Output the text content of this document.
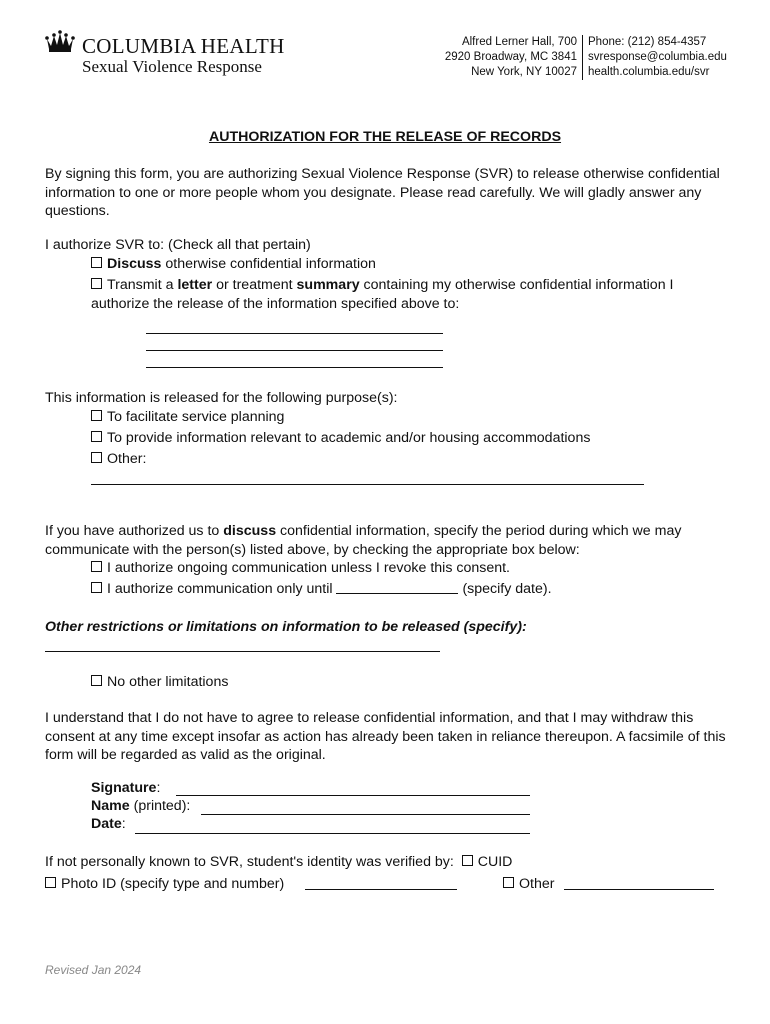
COLUMBIA HEALTH
Sexual Violence Response
Alfred Lerner Hall, 700
2920 Broadway, MC 3841
New York, NY 10027
Phone: (212) 854-4357
svresponse@columbia.edu
health.columbia.edu/svr
AUTHORIZATION FOR THE RELEASE OF RECORDS
By signing this form, you are authorizing Sexual Violence Response (SVR) to release otherwise confidential information to one or more people whom you designate. Please read carefully. We will gladly answer any questions.
I authorize SVR to: (Check all that pertain)
Discuss otherwise confidential information
Transmit a letter or treatment summary containing my otherwise confidential information I
authorize the release of the information specified above to:
This information is released for the following purpose(s):
To facilitate service planning
To provide information relevant to academic and/or housing accommodations
Other:
If you have authorized us to discuss confidential information, specify the period during which we may
communicate with the person(s) listed above, by checking the appropriate box below:
I authorize ongoing communication unless I revoke this consent.
I authorize communication only until	(specify date).
Other restrictions or limitations on information to be released (specify):
No other limitations
I understand that I do not have to agree to release confidential information, and that I may withdraw this consent at any time except insofar as action has already been taken in reliance thereupon. A facsimile of this form will be regarded as valid as the original.
Signature:
Name (printed):
Date:
If not personally known to SVR, student's identity was verified by: CUID
Photo ID (specify type and number)	Other
Revised Jan 2024
